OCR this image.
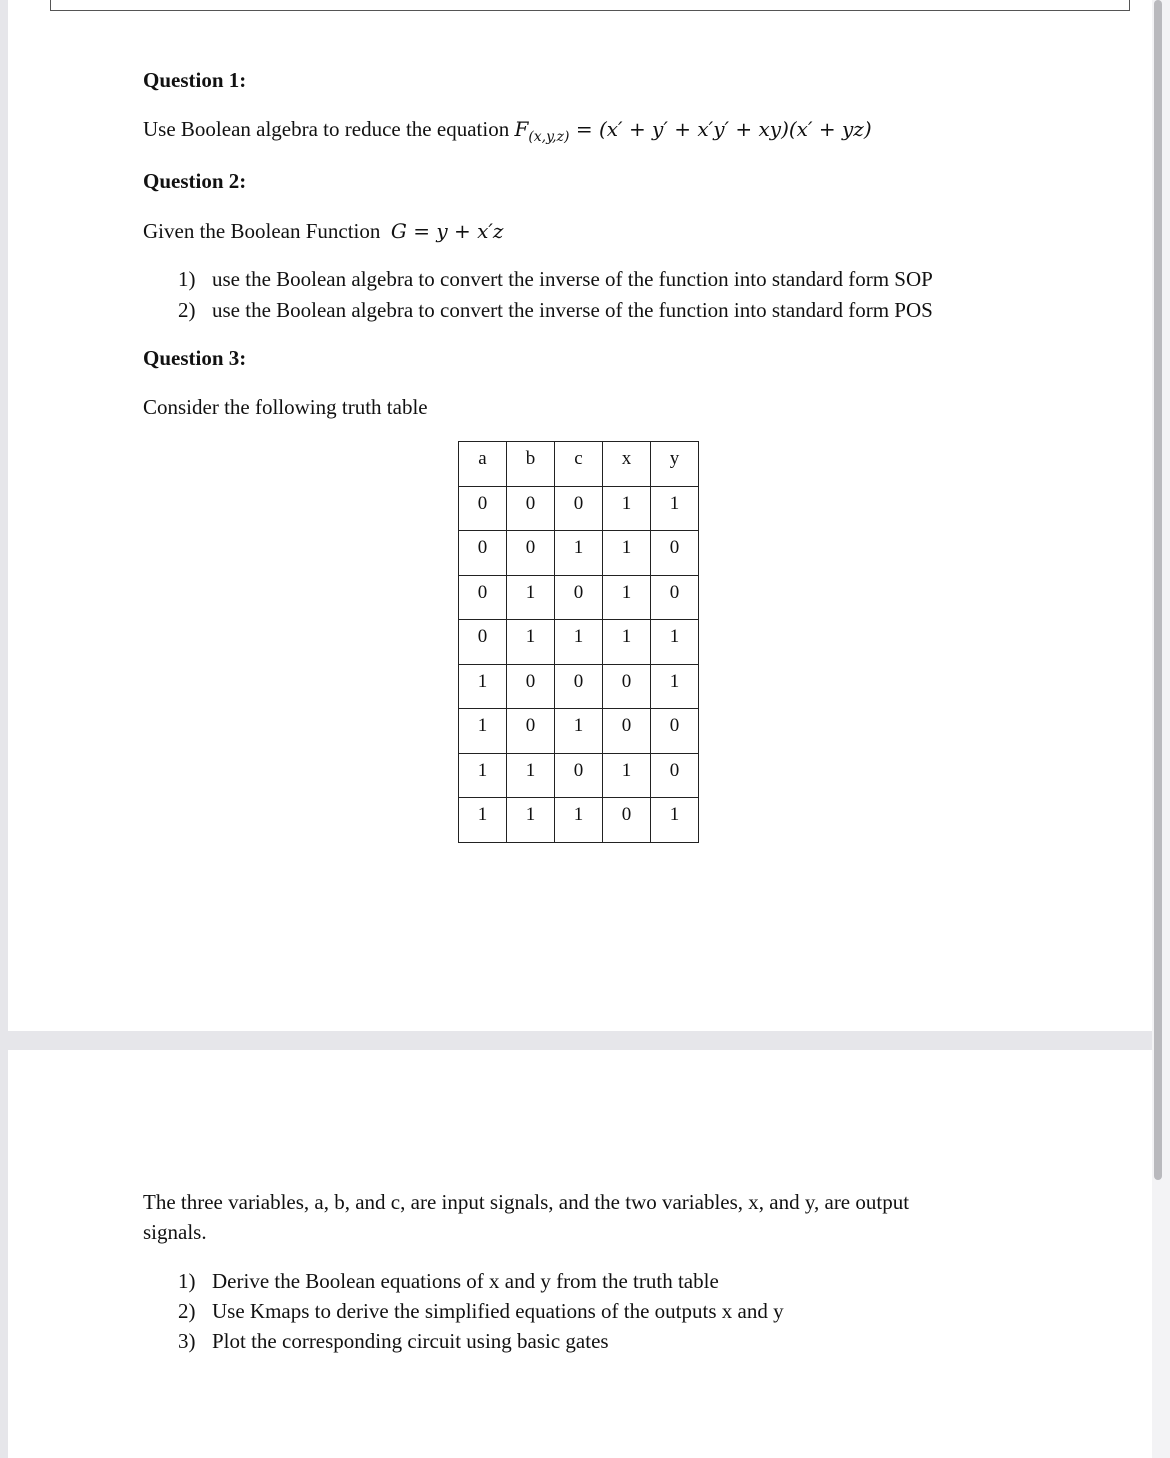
Question 1:
Use Boolean algebra to reduce the equation $F_{(x,y,z)} = (x' + y' + x'y' + xy)(x' + yz)$
Question 2:
Given the Boolean Function G = y + x′z
1) use the Boolean algebra to convert the inverse of the function into standard form SOP
2) use the Boolean algebra to convert the inverse of the function into standard form POS
Question 3:
Consider the following truth table
a	b	c	x	y
0	0	0	1	1
0	0	1	1	0
0	1	0	1	0
0	1	1	1	1
1	0	0	0	1
1	0	1	0	0
1	1	0	1	0
1	1	1	0	1
The three variables, a, b, and c, are input signals, and the two variables, x, and y, are output
signals.
1) Derive the Boolean equations of x and y from the truth table
2) Use Kmaps to derive the simplified equations of the outputs x and y
3) Plot the corresponding circuit using basic gates
